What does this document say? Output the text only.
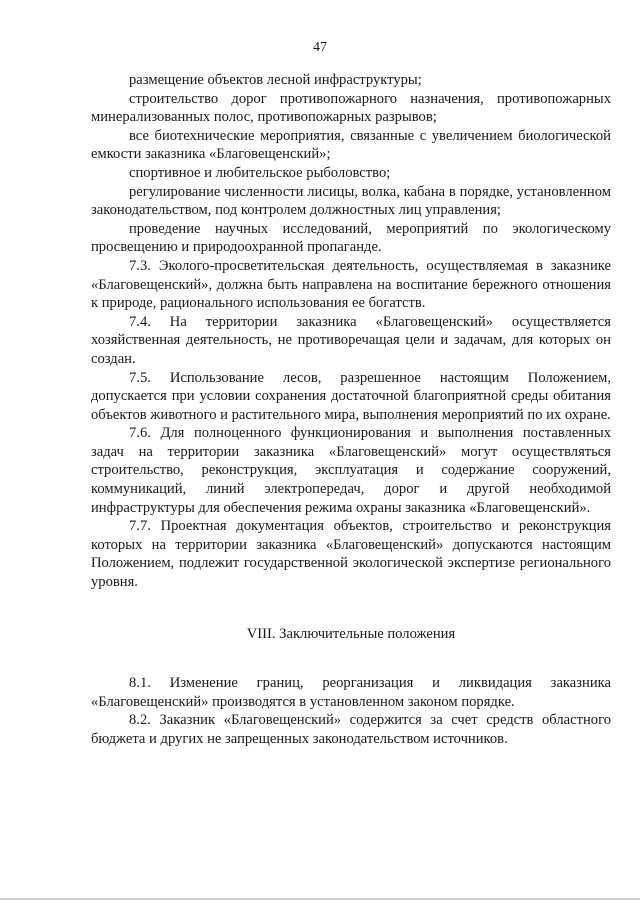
47

размещение объектов лесной инфраструктуры;

строительство дорог противопожарного назначения, противопожарных минерализованных полос, противопожарных разрывов;

все биотехнические мероприятия, связанные с увеличением биологической емкости заказника «Благовещенский»;

спортивное и любительское рыболовство;

регулирование численности лисицы, волка, кабана в порядке, установленном законодательством, под контролем должностных лиц управления;

проведение научных исследований, мероприятий по экологическому просвещению и природоохранной пропаганде.

7.3. Эколого-просветительская деятельность, осуществляемая в заказнике «Благовещенский», должна быть направлена на воспитание бережного отношения к природе, рационального использования ее богатств.

7.4. На территории заказника «Благовещенский» осуществляется хозяйственная деятельность, не противоречащая цели и задачам, для которых он создан.

7.5. Использование лесов, разрешенное настоящим Положением, допускается при условии сохранения достаточной благоприятной среды обитания объектов животного и растительного мира, выполнения мероприятий по их охране.

7.6. Для полноценного функционирования и выполнения поставленных задач на территории заказника «Благовещенский» могут осуществляться строительство, реконструкция, эксплуатация и содержание сооружений, коммуникаций, линий электропередач, дорог и другой необходимой инфраструктуры для обеспечения режима охраны заказника «Благовещенский».

7.7. Проектная документация объектов, строительство и реконструкция которых на территории заказника «Благовещенский» допускаются настоящим Положением, подлежит государственной экологической экспертизе регионального уровня.

VIII. Заключительные положения

8.1. Изменение границ, реорганизация и ликвидация заказника «Благовещенский» производятся в установленном законом порядке.

8.2. Заказник «Благовещенский» содержится за счет средств областного бюджета и других не запрещенных законодательством источников.
